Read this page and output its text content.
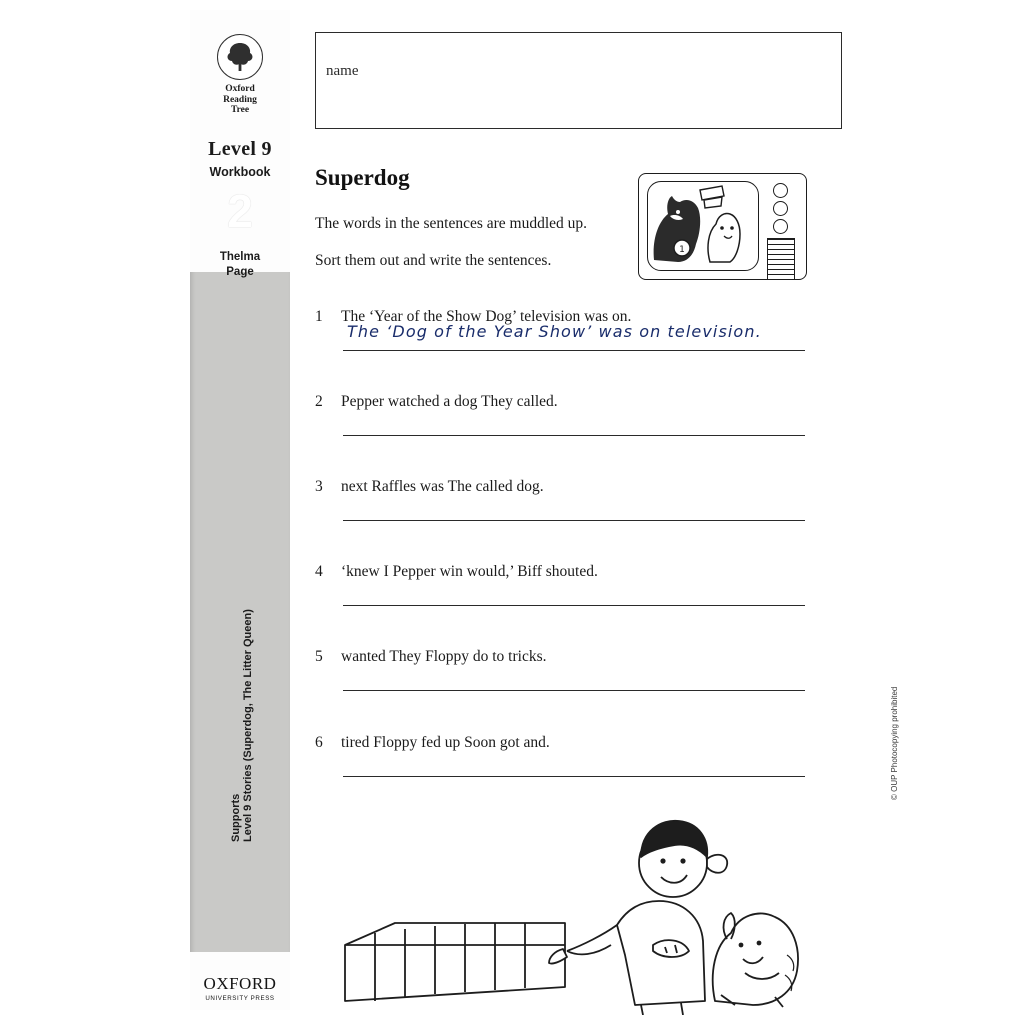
Oxford
Reading
Tree
Level 9
Workbook
2
Thelma
Page
Supports Level 9 Stories (Superdog, The Litter Queen)
OXFORD
UNIVERSITY PRESS
name
Superdog
The words in the sentences are muddled up.
Sort them out and write the sentences.
1
1	The ‘Year of the Show Dog’ television was on.
The ‘Dog of the Year Show’ was on television.
2	Pepper watched a dog They called.
3	next Raffles was The called dog.
4	‘knew I Pepper win would,’ Biff shouted.
5	wanted They Floppy do to tricks.
6	tired Floppy fed up Soon got and.	© OUP Photocopying prohibited
